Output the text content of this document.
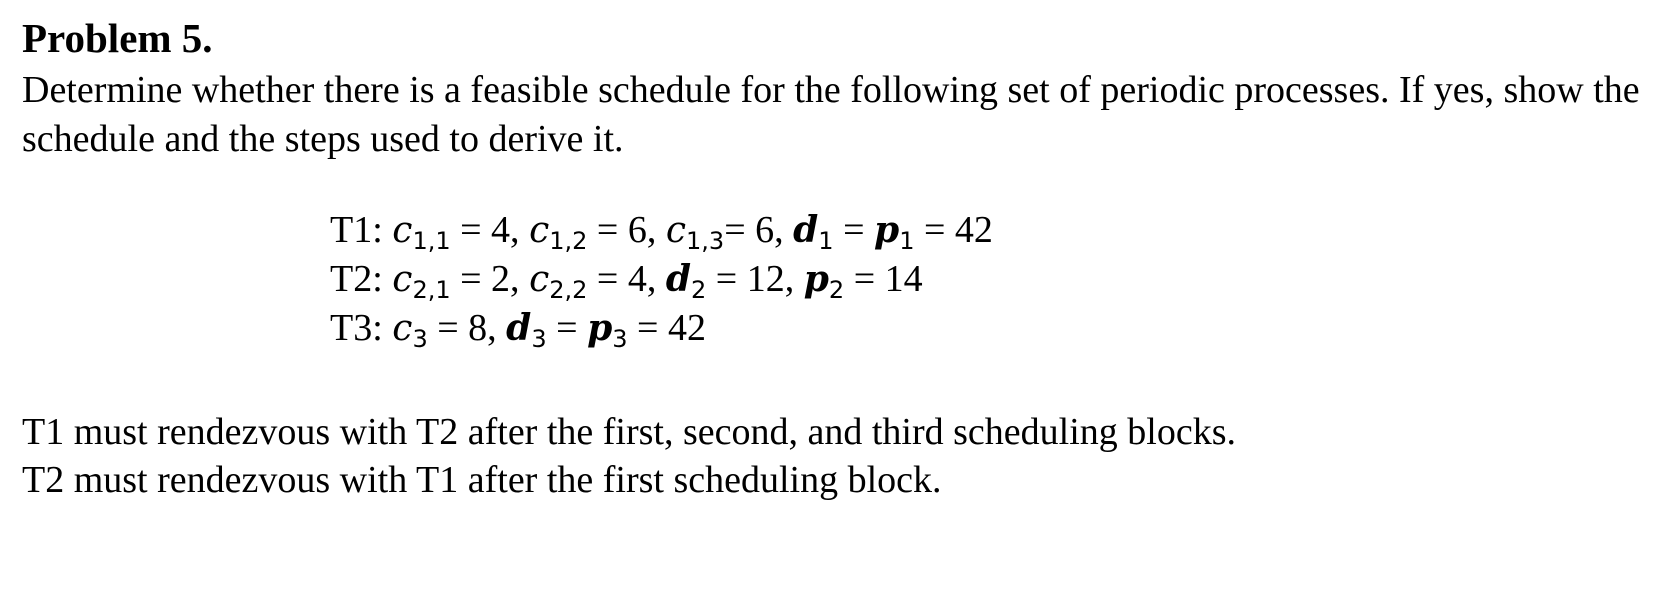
Problem 5.

Determine whether there is a feasible schedule for the following set of periodic processes. If yes, show the schedule and the steps used to derive it.

T1 must rendezvous with T2 after the first, second, and third scheduling blocks.

T2 must rendezvous with T1 after the first scheduling block.

T1: $c_{1,1} = 4$, $c_{1,2} = 6$, $c_{1,3}= 6$, $d_1 = p_1 = 42$
T2: $c_{2,1} = 2$, $c_{2,2} = 4$, $d_2 = 12$, $p_2 = 14$
T3: $c_3 = 8$, $d_3 = p_3 = 42$
